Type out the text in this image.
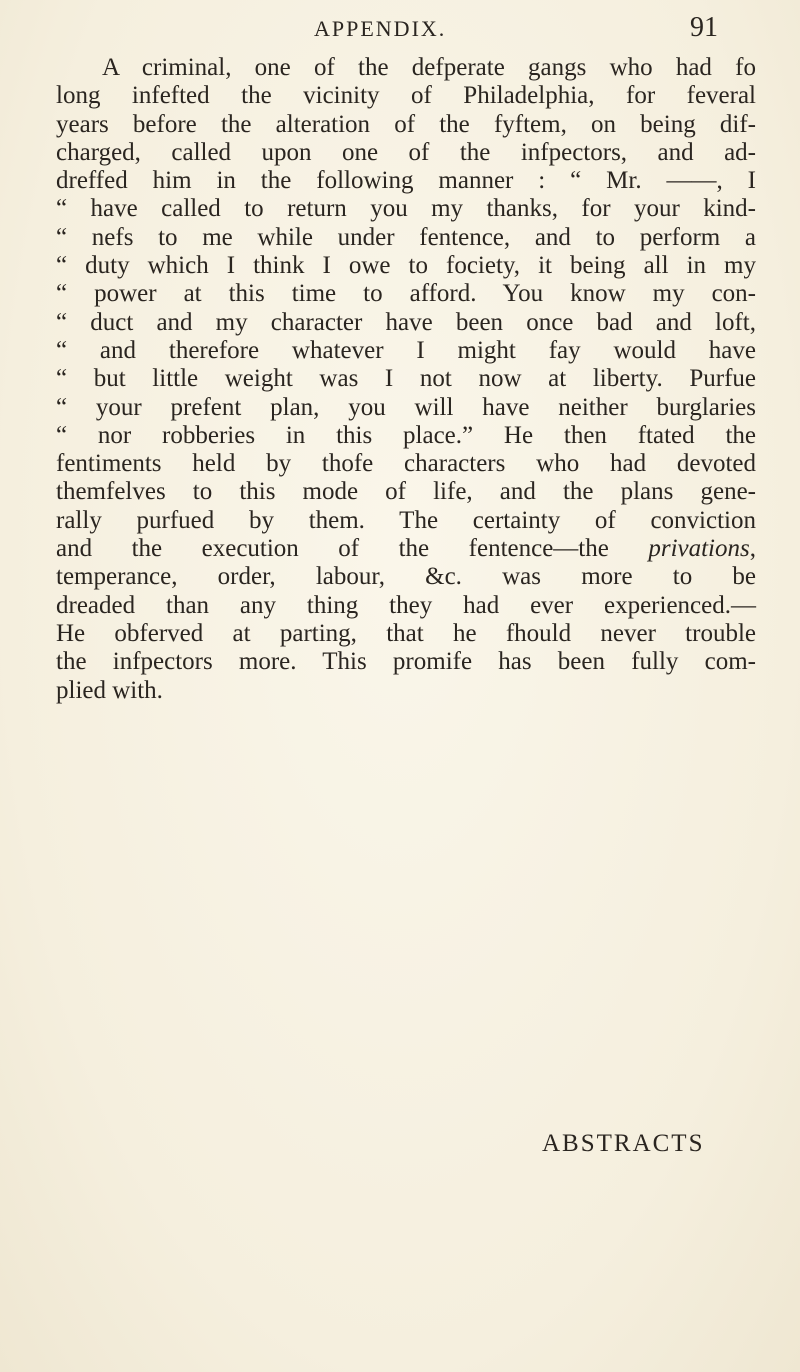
APPENDIX.	91
A criminal, one of the defperate gangs who had fo
long infefted the vicinity of Philadelphia, for feveral
years before the alteration of the fyftem, on being dif-
charged, called upon one of the infpectors, and ad-
dreffed him in the following manner : “ Mr. ——, I
“ have called to return you my thanks, for your kind-
“ nefs to me while under fentence, and to perform a
“ duty which I think I owe to fociety, it being all in my
“ power at this time to afford. You know my con-
“ duct and my character have been once bad and loft,
“ and therefore whatever I might fay would have
“ but little weight was I not now at liberty. Purfue
“ your prefent plan, you will have neither burglaries
“ nor robberies in this place.” He then ftated the
fentiments held by thofe characters who had devoted
themfelves to this mode of life, and the plans gene-
rally purfued by them. The certainty of conviction
and the execution of the fentence—the privations,
temperance, order, labour, &c. was more to be
dreaded than any thing they had ever experienced.—
He obferved at parting, that he fhould never trouble
the infpectors more. This promife has been fully com-
plied with.
ABSTRACTS
